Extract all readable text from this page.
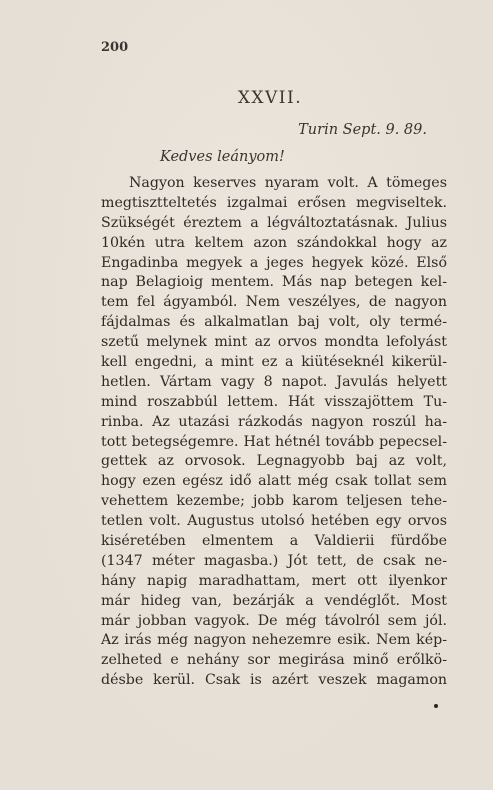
200
XXVII.
Turin Sept. 9. 89.
Kedves leányom!
Nagyon keserves nyaram volt. A tömeges
megtisztteltetés izgalmai erősen megviseltek.
Szükségét éreztem a légváltoztatásnak. Julius
10kén utra keltem azon szándokkal hogy az
Engadinba megyek a jeges hegyek közé. Első
nap Belagioig mentem. Más nap betegen kel-
tem fel ágyamból. Nem veszélyes, de nagyon
fájdalmas és alkalmatlan baj volt, oly termé-
szetű melynek mint az orvos mondta lefolyást
kell engedni, a mint ez a kiütéseknél kikerül-
hetlen. Vártam vagy 8 napot. Javulás helyett
mind roszabbúl lettem. Hát visszajöttem Tu-
rinba. Az utazási rázkodás nagyon roszúl ha-
tott betegségemre. Hat hétnél tovább pepecsel-
gettek az orvosok. Legnagyobb baj az volt,
hogy ezen egész idő alatt még csak tollat sem
vehettem kezembe; jobb karom teljesen tehe-
tetlen volt. Augustus utolsó hetében egy orvos
kiséretében elmentem a Valdierii fürdőbe
(1347 méter magasba.) Jót tett, de csak ne-
hány napig maradhattam, mert ott ilyenkor
már hideg van, bezárják a vendéglőt. Most
már jobban vagyok. De még távolról sem jól.
Az irás még nagyon nehezemre esik. Nem kép-
zelheted e nehány sor megirása minő erőlkö-
désbe kerül. Csak is azért veszek magamon
